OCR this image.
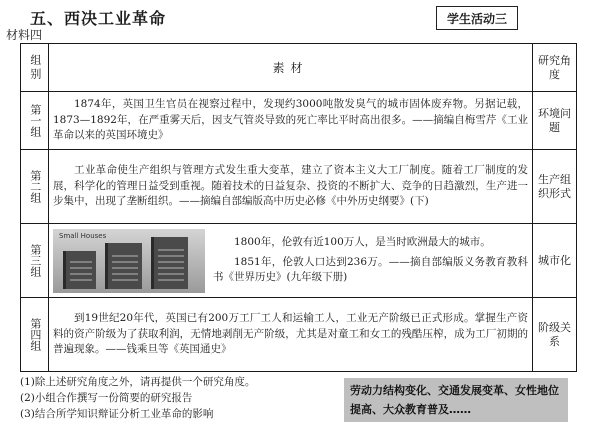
五、西决工业革命	学生活动三
材料四
组别	素材	研究角度

第一组	1874年，英国卫生官员在视察过程中，发现约3000吨散发臭气的城市固体废弃物。另据记载，1873—1892年，在严重雾天后，因支气管炎导致的死亡率比平时高出很多。——摘编自梅雪芹《工业革命以来的英国环境史》	环境问题

第二组	工业革命使生产组织与管理方式发生重大变革，建立了资本主义大工厂制度。随着工厂制度的发展，科学化的管理日益受到重视。随着技术的日益复杂、投资的不断扩大、竞争的日趋激烈，生产进一步集中，出现了垄断组织。——摘编自部编版高中历史必修《中外历史纲要》(下)	生产组织形式

第三组	Small Houses
1800年，伦敦有近100万人，是当时欧洲最大的城市。
1851年，伦敦人口达到236万。——摘自部编版义务教育教科书《世界历史》(九年级下册)	城市化

第四组	到19世纪20年代，英国已有200万工厂工人和运输工人，工业无产阶级已正式形成。掌握生产资料的资产阶级为了获取利润，无情地剥削无产阶级，尤其是对童工和女工的残酷压榨，成为工厂初期的普遍现象。——钱乘旦等《英国通史》	阶级关系
(1)除上述研究角度之外，请再提供一个研究角度。
(2)小组合作撰写一份简要的研究报告
(3)结合所学知识辩证分析工业革命的影响
劳动力结构变化、交通发展变革、女性地位提高、大众教育普及……
